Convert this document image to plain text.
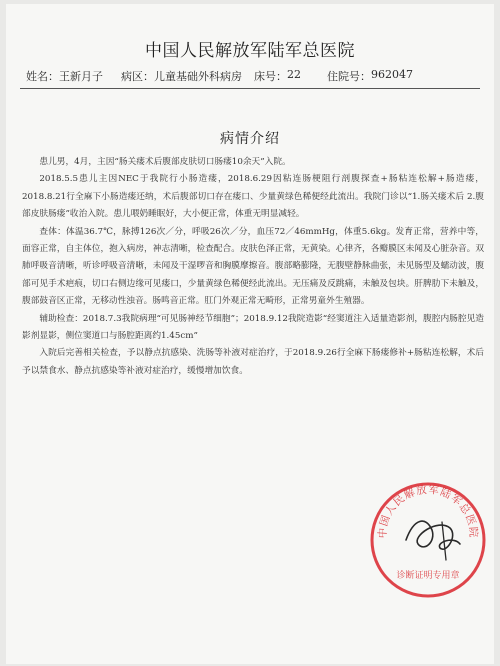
中国人民解放军陆军总医院
姓名： 王新月子 病区： 儿童基础外科病房 床号： 22 住院号： 962047
病情介绍

患儿男，4月，主因“肠关瘘术后腹部皮肤切口肠瘘10余天”入院。

2018.5.5患儿主因NEC于我院行小肠造瘘，2018.6.29因粘连肠梗阻行剖腹探查+肠粘连松解+肠造瘘，2018.8.21行全麻下小肠造瘘还纳，术后腹部切口存在瘘口、少量黄绿色稀便经此流出。我院门诊以“1.肠关瘘术后 2.腹部皮肤肠瘘”收治入院。患儿喂奶睡眠好，大小便正常，体重无明显减轻。

查体：体温36.7℃，脉搏126次／分，呼吸26次／分，血压72／46mmHg，体重5.6kg。发育正常，营养中等，面容正常，自主体位，抱入病房，神志清晰，检查配合。皮肤色泽正常，无黄染。心律齐，各瓣膜区未闻及心脏杂音。双肺呼吸音清晰，听诊呼吸音清晰，未闻及干湿啰音和胸膜摩擦音。腹部略膨隆，无腹壁静脉曲张，未见肠型及蠕动波，腹部可见手术疤痕，切口右侧边缘可见瘘口，少量黄绿色稀便经此流出。无压痛及反跳痛，未触及包块。肝脾肋下未触及，腹部鼓音区正常，无移动性浊音。肠鸣音正常。肛门外观正常无畸形，正常男童外生殖器。

辅助检查：2018.7.3我院病理“可见肠神经节细胞”；2018.9.12我院造影“经窦道注入适量造影剂，腹腔内肠腔见造影剂显影，侧位窦道口与肠腔距离约1.45cm”

入院后完善相关检查，予以静点抗感染、洗肠等补液对症治疗，于2018.9.26行全麻下肠瘘修补+肠粘连松解，术后予以禁食水、静点抗感染等补液对症治疗，缓慢增加饮食。

中国人民解放军陆军总医院
诊断证明专用章
